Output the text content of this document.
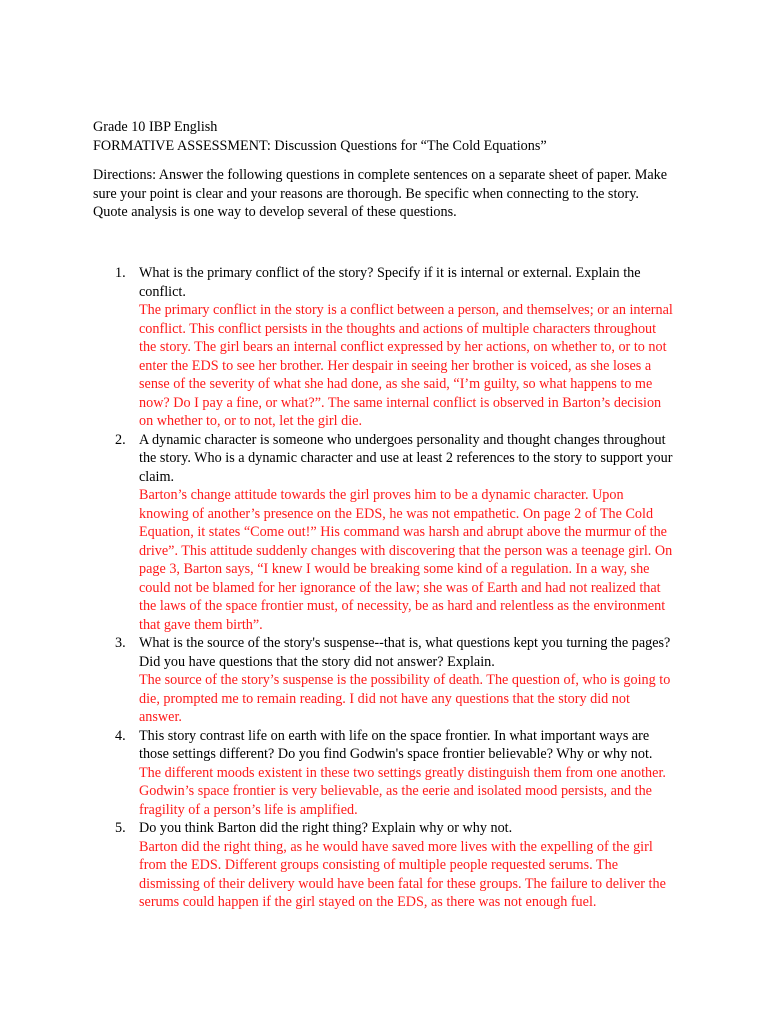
Grade 10 IBP English
FORMATIVE ASSESSMENT: Discussion Questions for “The Cold Equations”
Directions: Answer the following questions in complete sentences on a separate sheet of paper. Make
sure your point is clear and your reasons are thorough. Be specific when connecting to the story.
Quote analysis is one way to develop several of these questions.
1. What is the primary conflict of the story? Specify if it is internal or external. Explain the
conflict.
The primary conflict in the story is a conflict between a person, and themselves; or an internal
conflict. This conflict persists in the thoughts and actions of multiple characters throughout
the story. The girl bears an internal conflict expressed by her actions, on whether to, or to not
enter the EDS to see her brother. Her despair in seeing her brother is voiced, as she loses a
sense of the severity of what she had done, as she said, “I’m guilty, so what happens to me
now? Do I pay a fine, or what?”. The same internal conflict is observed in Barton’s decision
on whether to, or to not, let the girl die.
2. A dynamic character is someone who undergoes personality and thought changes throughout
the story. Who is a dynamic character and use at least 2 references to the story to support your
claim.
Barton’s change attitude towards the girl proves him to be a dynamic character. Upon
knowing of another’s presence on the EDS, he was not empathetic. On page 2 of The Cold
Equation, it states “Come out!” His command was harsh and abrupt above the murmur of the
drive”. This attitude suddenly changes with discovering that the person was a teenage girl. On
page 3, Barton says, “I knew I would be breaking some kind of a regulation. In a way, she
could not be blamed for her ignorance of the law; she was of Earth and had not realized that
the laws of the space frontier must, of necessity, be as hard and relentless as the environment
that gave them birth”.
3. What is the source of the story's suspense--that is, what questions kept you turning the pages?
Did you have questions that the story did not answer? Explain.
The source of the story’s suspense is the possibility of death. The question of, who is going to
die, prompted me to remain reading. I did not have any questions that the story did not
answer.
4. This story contrast life on earth with life on the space frontier. In what important ways are
those settings different? Do you find Godwin's space frontier believable? Why or why not.
The different moods existent in these two settings greatly distinguish them from one another.
Godwin’s space frontier is very believable, as the eerie and isolated mood persists, and the
fragility of a person’s life is amplified.
5. Do you think Barton did the right thing? Explain why or why not.
Barton did the right thing, as he would have saved more lives with the expelling of the girl
from the EDS. Different groups consisting of multiple people requested serums. The
dismissing of their delivery would have been fatal for these groups. The failure to deliver the
serums could happen if the girl stayed on the EDS, as there was not enough fuel.
